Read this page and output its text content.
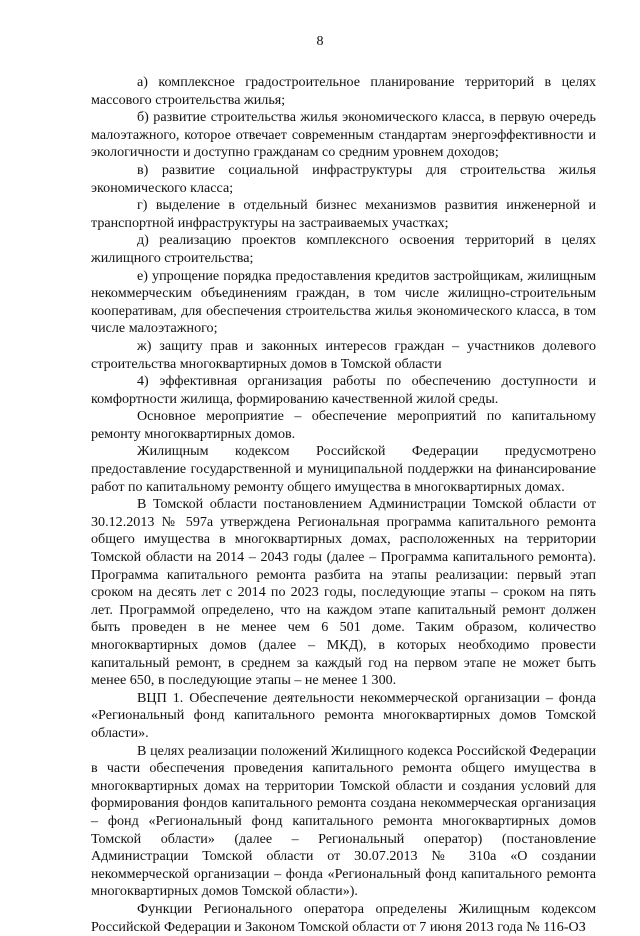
8

а) комплексное градостроительное планирование территорий в целях массового строительства жилья;

б) развитие строительства жилья экономического класса, в первую очередь малоэтажного, которое отвечает современным стандартам энергоэффективности и экологичности и доступно гражданам со средним уровнем доходов;

в) развитие социальной инфраструктуры для строительства жилья экономического класса;

г) выделение в отдельный бизнес механизмов развития инженерной и транспортной инфраструктуры на застраиваемых участках;

д) реализацию проектов комплексного освоения территорий в целях жилищного строительства;

е) упрощение порядка предоставления кредитов застройщикам, жилищным некоммерческим объединениям граждан, в том числе жилищно-строительным кооперативам, для обеспечения строительства жилья экономического класса, в том числе малоэтажного;

ж) защиту прав и законных интересов граждан – участников долевого строительства многоквартирных домов в Томской области

4) эффективная организация работы по обеспечению доступности и комфортности жилища, формированию качественной жилой среды.

Основное мероприятие – обеспечение мероприятий по капитальному ремонту многоквартирных домов.

Жилищным кодексом Российской Федерации предусмотрено предоставление государственной и муниципальной поддержки на финансирование работ по капитальному ремонту общего имущества в многоквартирных домах.

В Томской области постановлением Администрации Томской области от 30.12.2013 № 597а утверждена Региональная программа капитального ремонта общего имущества в многоквартирных домах, расположенных на территории Томской области на 2014 – 2043 годы (далее – Программа капитального ремонта). Программа капитального ремонта разбита на этапы реализации: первый этап сроком на десять лет с 2014 по 2023 годы, последующие этапы – сроком на пять лет. Программой определено, что на каждом этапе капитальный ремонт должен быть проведен в не менее чем 6 501 доме. Таким образом, количество многоквартирных домов (далее – МКД), в которых необходимо провести капитальный ремонт, в среднем за каждый год на первом этапе не может быть менее 650, в последующие этапы – не менее 1 300.

ВЦП 1. Обеспечение деятельности некоммерческой организации – фонда «Региональный фонд капитального ремонта многоквартирных домов Томской области».

В целях реализации положений Жилищного кодекса Российской Федерации в части обеспечения проведения капитального ремонта общего имущества в многоквартирных домах на территории Томской области и создания условий для формирования фондов капитального ремонта создана некоммерческая организация – фонд «Региональный фонд капитального ремонта многоквартирных домов Томской области» (далее – Региональный оператор) (постановление Администрации Томской области от 30.07.2013 № 310а «О создании некоммерческой организации – фонда «Региональный фонд капитального ремонта многоквартирных домов Томской области»).

Функции Регионального оператора определены Жилищным кодексом Российской Федерации и Законом Томской области от 7 июня 2013 года № 116-ОЗ
